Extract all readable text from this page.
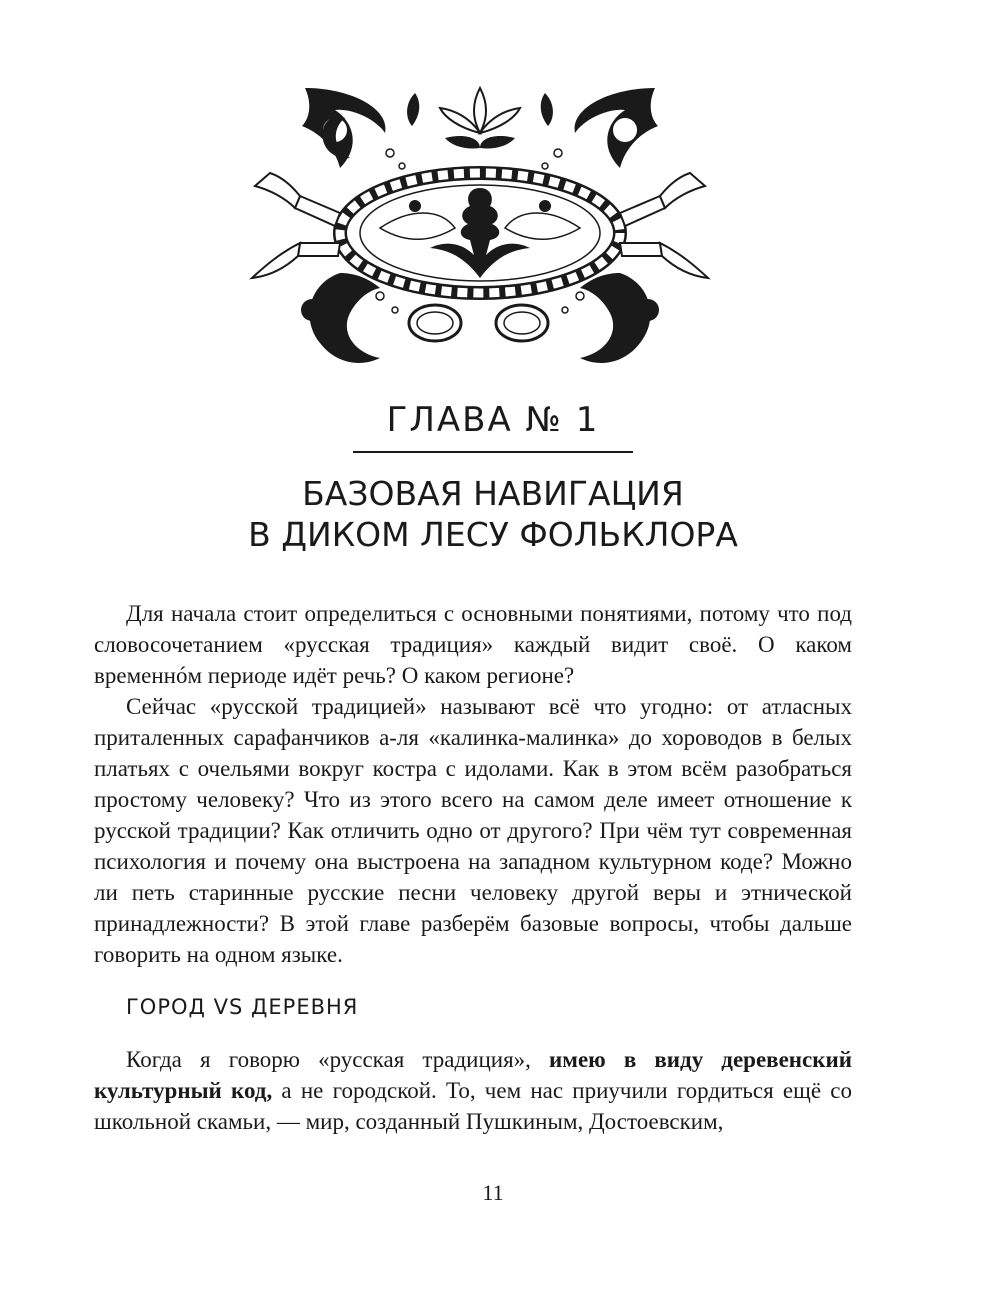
ГЛАВА № 1
БАЗОВАЯ НАВИГАЦИЯ
В ДИКОМ ЛЕСУ ФОЛЬКЛОРА

Для начала стоит определиться с основными понятиями, потому что под словосочетанием «русская традиция» каждый видит своё. О каком временнóм периоде идёт речь? О каком регионе?

Сейчас «русской традицией» называют всё что угодно: от атласных приталенных сарафанчиков а-ля «калинка-малинка» до хороводов в белых платьях с очельями вокруг костра с идолами. Как в этом всём разобраться простому человеку? Что из этого всего на самом деле имеет отношение к русской традиции? Как отличить одно от другого? При чём тут современная психология и почему она выстроена на западном культурном коде? Можно ли петь старинные русские песни человеку другой веры и этнической принадлежности? В этой главе разберём базовые вопросы, чтобы дальше говорить на одном языке.

ГОРОД VS ДЕРЕВНЯ

Когда я говорю «русская традиция», имею в виду деревенский культурный код, а не городской. То, чем нас приучили гордиться ещё со школьной скамьи, — мир, созданный Пушкиным, Достоевским,

11
